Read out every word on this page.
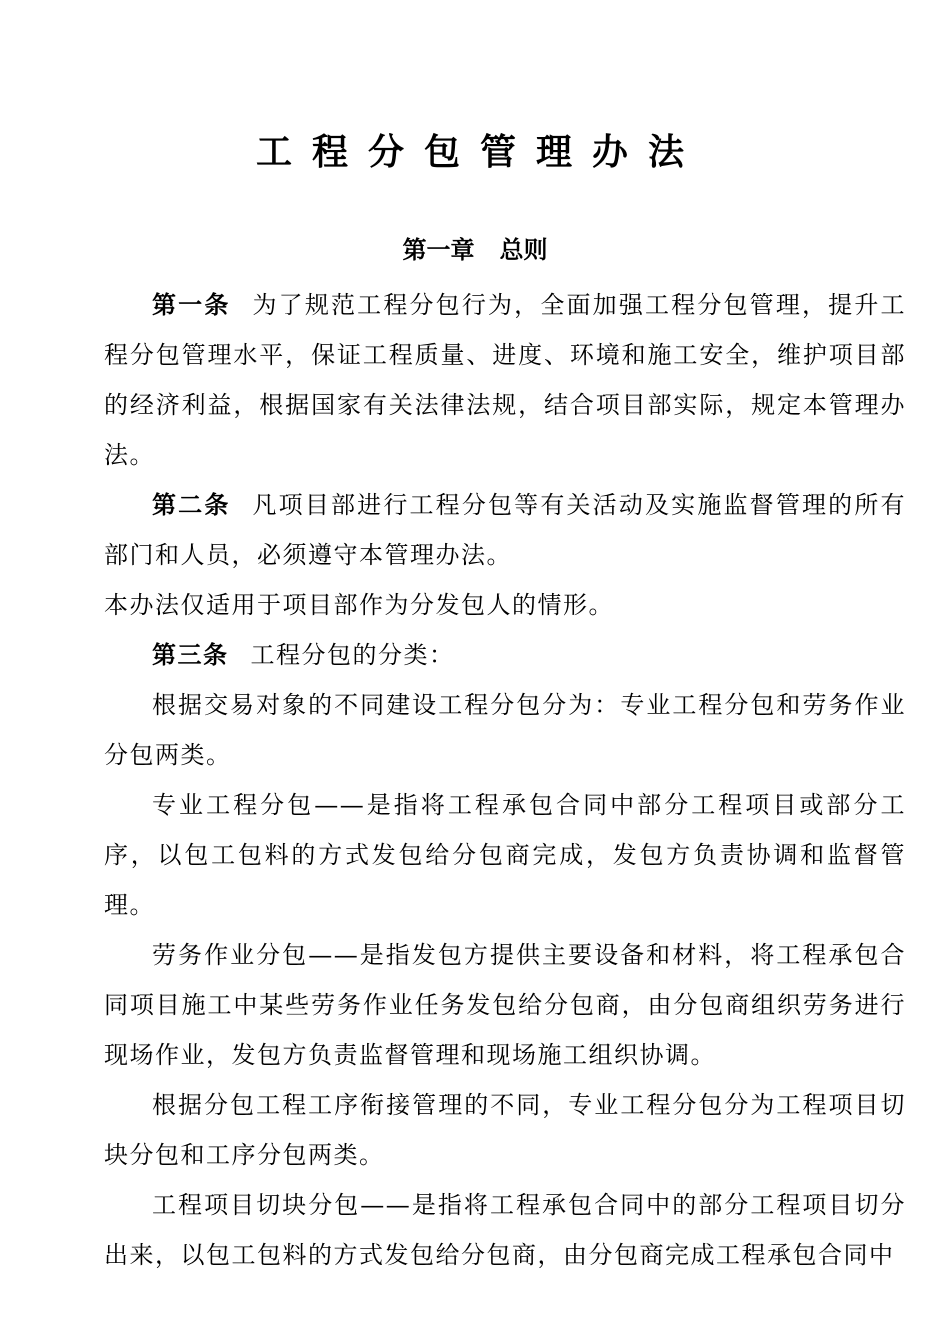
工程分包管理办法
第一章 总则

第一条 为了规范工程分包行为，全面加强工程分包管理，提升工程分包管理水平，保证工程质量、进度、环境和施工安全，维护项目部的经济利益，根据国家有关法律法规，结合项目部实际，规定本管理办法。

第二条 凡项目部进行工程分包等有关活动及实施监督管理的所有部门和人员，必须遵守本管理办法。

本办法仅适用于项目部作为分发包人的情形。

第三条 工程分包的分类：

根据交易对象的不同建设工程分包分为：专业工程分包和劳务作业分包两类。

专业工程分包——是指将工程承包合同中部分工程项目或部分工序，以包工包料的方式发包给分包商完成，发包方负责协调和监督管理。

劳务作业分包——是指发包方提供主要设备和材料，将工程承包合同项目施工中某些劳务作业任务发包给分包商，由分包商组织劳务进行现场作业，发包方负责监督管理和现场施工组织协调。

根据分包工程工序衔接管理的不同，专业工程分包分为工程项目切块分包和工序分包两类。

工程项目切块分包——是指将工程承包合同中的部分工程项目切分出来，以包工包料的方式发包给分包商，由分包商完成工程承包合同中
